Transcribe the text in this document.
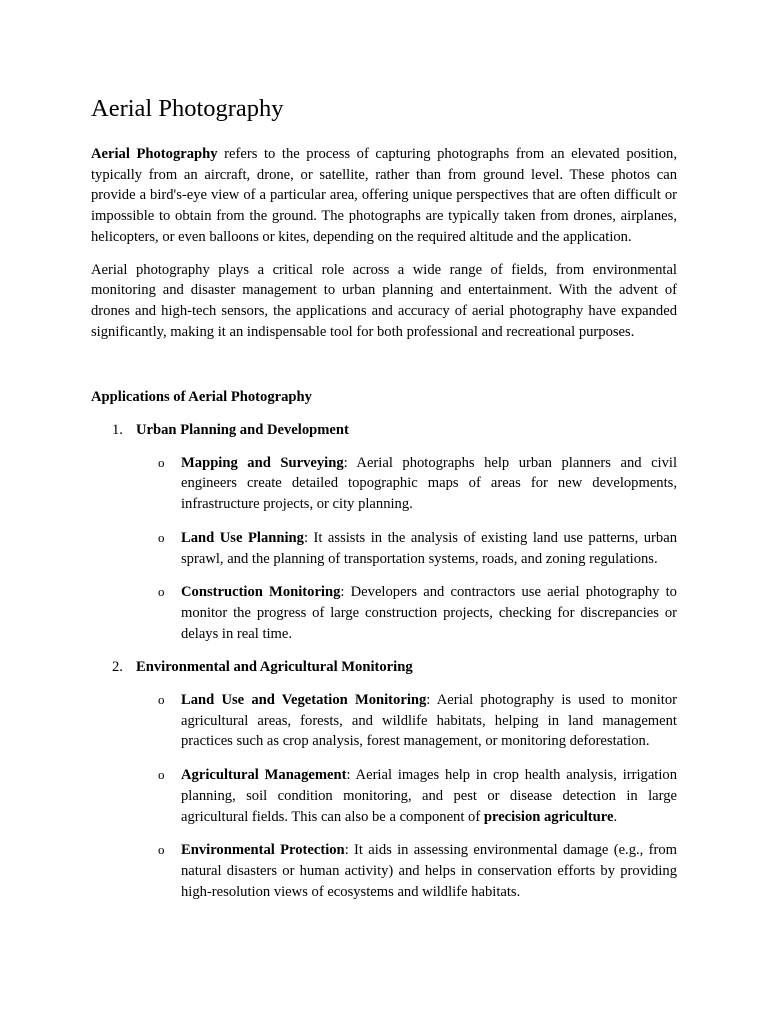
Aerial Photography

Aerial Photography refers to the process of capturing photographs from an elevated position, typically from an aircraft, drone, or satellite, rather than from ground level. These photos can provide a bird's-eye view of a particular area, offering unique perspectives that are often difficult or impossible to obtain from the ground. The photographs are typically taken from drones, airplanes, helicopters, or even balloons or kites, depending on the required altitude and the application.

Aerial photography plays a critical role across a wide range of fields, from environmental monitoring and disaster management to urban planning and entertainment. With the advent of drones and high-tech sensors, the applications and accuracy of aerial photography have expanded significantly, making it an indispensable tool for both professional and recreational purposes.

Applications of Aerial Photography
1. Urban Planning and Development
o Mapping and Surveying: Aerial photographs help urban planners and civil engineers create detailed topographic maps of areas for new developments, infrastructure projects, or city planning.

o Land Use Planning: It assists in the analysis of existing land use patterns, urban sprawl, and the planning of transportation systems, roads, and zoning regulations.

o Construction Monitoring: Developers and contractors use aerial photography to monitor the progress of large construction projects, checking for discrepancies or delays in real time.

2. Environmental and Agricultural Monitoring
o Land Use and Vegetation Monitoring: Aerial photography is used to monitor agricultural areas, forests, and wildlife habitats, helping in land management practices such as crop analysis, forest management, or monitoring deforestation.

o Agricultural Management: Aerial images help in crop health analysis, irrigation planning, soil condition monitoring, and pest or disease detection in large agricultural fields. This can also be a component of precision agriculture.

o Environmental Protection: It aids in assessing environmental damage (e.g., from natural disasters or human activity) and helps in conservation efforts by providing high-resolution views of ecosystems and wildlife habitats.
